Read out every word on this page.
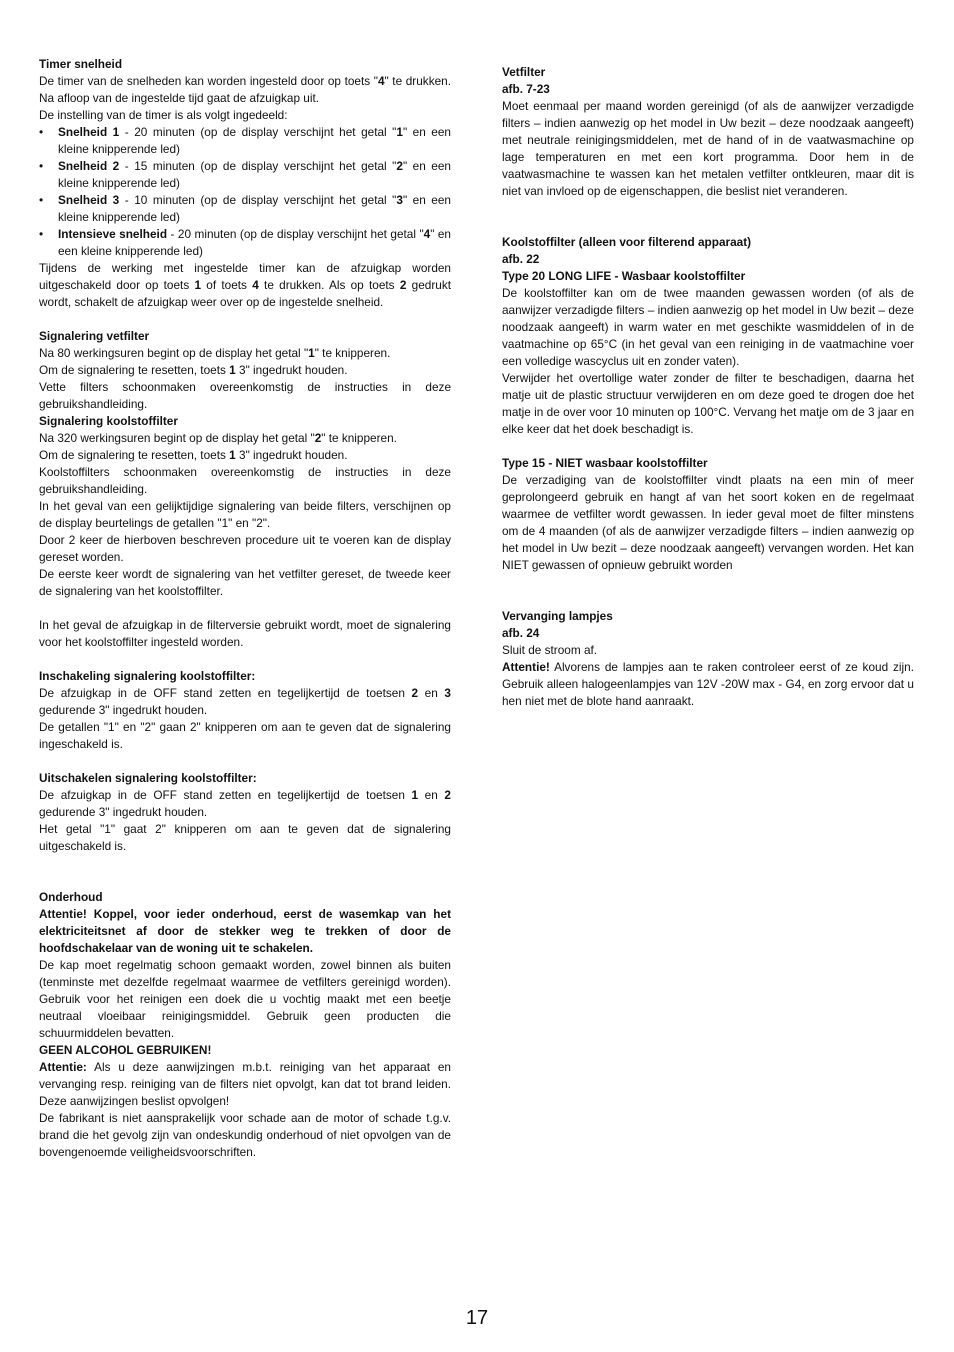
Timer snelheid

De timer van de snelheden kan worden ingesteld door op toets "4" te drukken. Na afloop van de ingestelde tijd gaat de afzuigkap uit.

De instelling van de timer is als volgt ingedeeld:

• Snelheid 1 - 20 minuten (op de display verschijnt het getal "1" en een kleine knipperende led)
• Snelheid 2 - 15 minuten (op de display verschijnt het getal "2" en een kleine knipperende led)
• Snelheid 3 - 10 minuten (op de display verschijnt het getal "3" en een kleine knipperende led)
• Intensieve snelheid - 20 minuten (op de display verschijnt het getal "4" en een kleine knipperende led)

Tijdens de werking met ingestelde timer kan de afzuigkap worden uitgeschakeld door op toets 1 of toets 4 te drukken. Als op toets 2 gedrukt wordt, schakelt de afzuigkap weer over op de ingestelde snelheid.

Signalering vetfilter

Na 80 werkingsuren begint op de display het getal "1" te knipperen.

Om de signalering te resetten, toets 1 3" ingedrukt houden.

Vette filters schoonmaken overeenkomstig de instructies in deze gebruikshandleiding.

Signalering koolstoffilter

Na 320 werkingsuren begint op de display het getal "2" te knipperen.

Om de signalering te resetten, toets 1 3" ingedrukt houden.

Koolstoffilters schoonmaken overeenkomstig de instructies in deze gebruikshandleiding.

In het geval van een gelijktijdige signalering van beide filters, verschijnen op de display beurtelings de getallen "1" en "2".

Door 2 keer de hierboven beschreven procedure uit te voeren kan de display gereset worden.

De eerste keer wordt de signalering van het vetfilter gereset, de tweede keer de signalering van het koolstoffilter.

In het geval de afzuigkap in de filterversie gebruikt wordt, moet de signalering voor het koolstoffilter ingesteld worden.

Inschakeling signalering koolstoffilter:

De afzuigkap in de OFF stand zetten en tegelijkertijd de toetsen 2 en 3 gedurende 3" ingedrukt houden.

De getallen "1" en "2" gaan 2" knipperen om aan te geven dat de signalering ingeschakeld is.

Uitschakelen signalering koolstoffilter:

De afzuigkap in de OFF stand zetten en tegelijkertijd de toetsen 1 en 2 gedurende 3" ingedrukt houden.

Het getal "1" gaat 2" knipperen om aan te geven dat de signalering uitgeschakeld is.

Onderhoud

Attentie! Koppel, voor ieder onderhoud, eerst de wasemkap van het elektriciteitsnet af door de stekker weg te trekken of door de hoofdschakelaar van de woning uit te schakelen.

De kap moet regelmatig schoon gemaakt worden, zowel binnen als buiten (tenminste met dezelfde regelmaat waarmee de vetfilters gereinigd worden). Gebruik voor het reinigen een doek die u vochtig maakt met een beetje neutraal vloeibaar reinigingsmiddel. Gebruik geen producten die schuurmiddelen bevatten.

GEEN ALCOHOL GEBRUIKEN!

Attentie: Als u deze aanwijzingen m.b.t. reiniging van het apparaat en vervanging resp. reiniging van de filters niet opvolgt, kan dat tot brand leiden. Deze aanwijzingen beslist opvolgen!

De fabrikant is niet aansprakelijk voor schade aan de motor of schade t.g.v. brand die het gevolg zijn van ondeskundig onderhoud of niet opvolgen van de bovengenoemde veiligheidsvoorschriften.

Vetfilter

afb. 7-23

Moet eenmaal per maand worden gereinigd (of als de aanwijzer verzadigde filters – indien aanwezig op het model in Uw bezit – deze noodzaak aangeeft) met neutrale reinigingsmiddelen, met de hand of in de vaatwasmachine op lage temperaturen en met een kort programma. Door hem in de vaatwasmachine te wassen kan het metalen vetfilter ontkleuren, maar dit is niet van invloed op de eigenschappen, die beslist niet veranderen.

Koolstoffilter (alleen voor filterend apparaat)

afb. 22

Type 20 LONG LIFE - Wasbaar koolstoffilter

De koolstoffilter kan om de twee maanden gewassen worden (of als de aanwijzer verzadigde filters – indien aanwezig op het model in Uw bezit – deze noodzaak aangeeft) in warm water en met geschikte wasmiddelen of in de vaatmachine op 65°C (in het geval van een reiniging in de vaatmachine voer een volledige wascyclus uit en zonder vaten).

Verwijder het overtollige water zonder de filter te beschadigen, daarna het matje uit de plastic structuur verwijderen en om deze goed te drogen doe het matje in de over voor 10 minuten op 100°C. Vervang het matje om de 3 jaar en elke keer dat het doek beschadigt is.

Type 15 - NIET wasbaar koolstoffilter

De verzadiging van de koolstoffilter vindt plaats na een min of meer geprolongeerd gebruik en hangt af van het soort koken en de regelmaat waarmee de vetfilter wordt gewassen. In ieder geval moet de filter minstens om de 4 maanden (of als de aanwijzer verzadigde filters – indien aanwezig op het model in Uw bezit – deze noodzaak aangeeft) vervangen worden. Het kan NIET gewassen of opnieuw gebruikt worden

Vervanging lampjes

afb. 24

Sluit de stroom af.

Attentie! Alvorens de lampjes aan te raken controleer eerst of ze koud zijn. Gebruik alleen halogeenlampjes van 12V -20W max - G4, en zorg ervoor dat u hen niet met de blote hand aanraakt.

17
